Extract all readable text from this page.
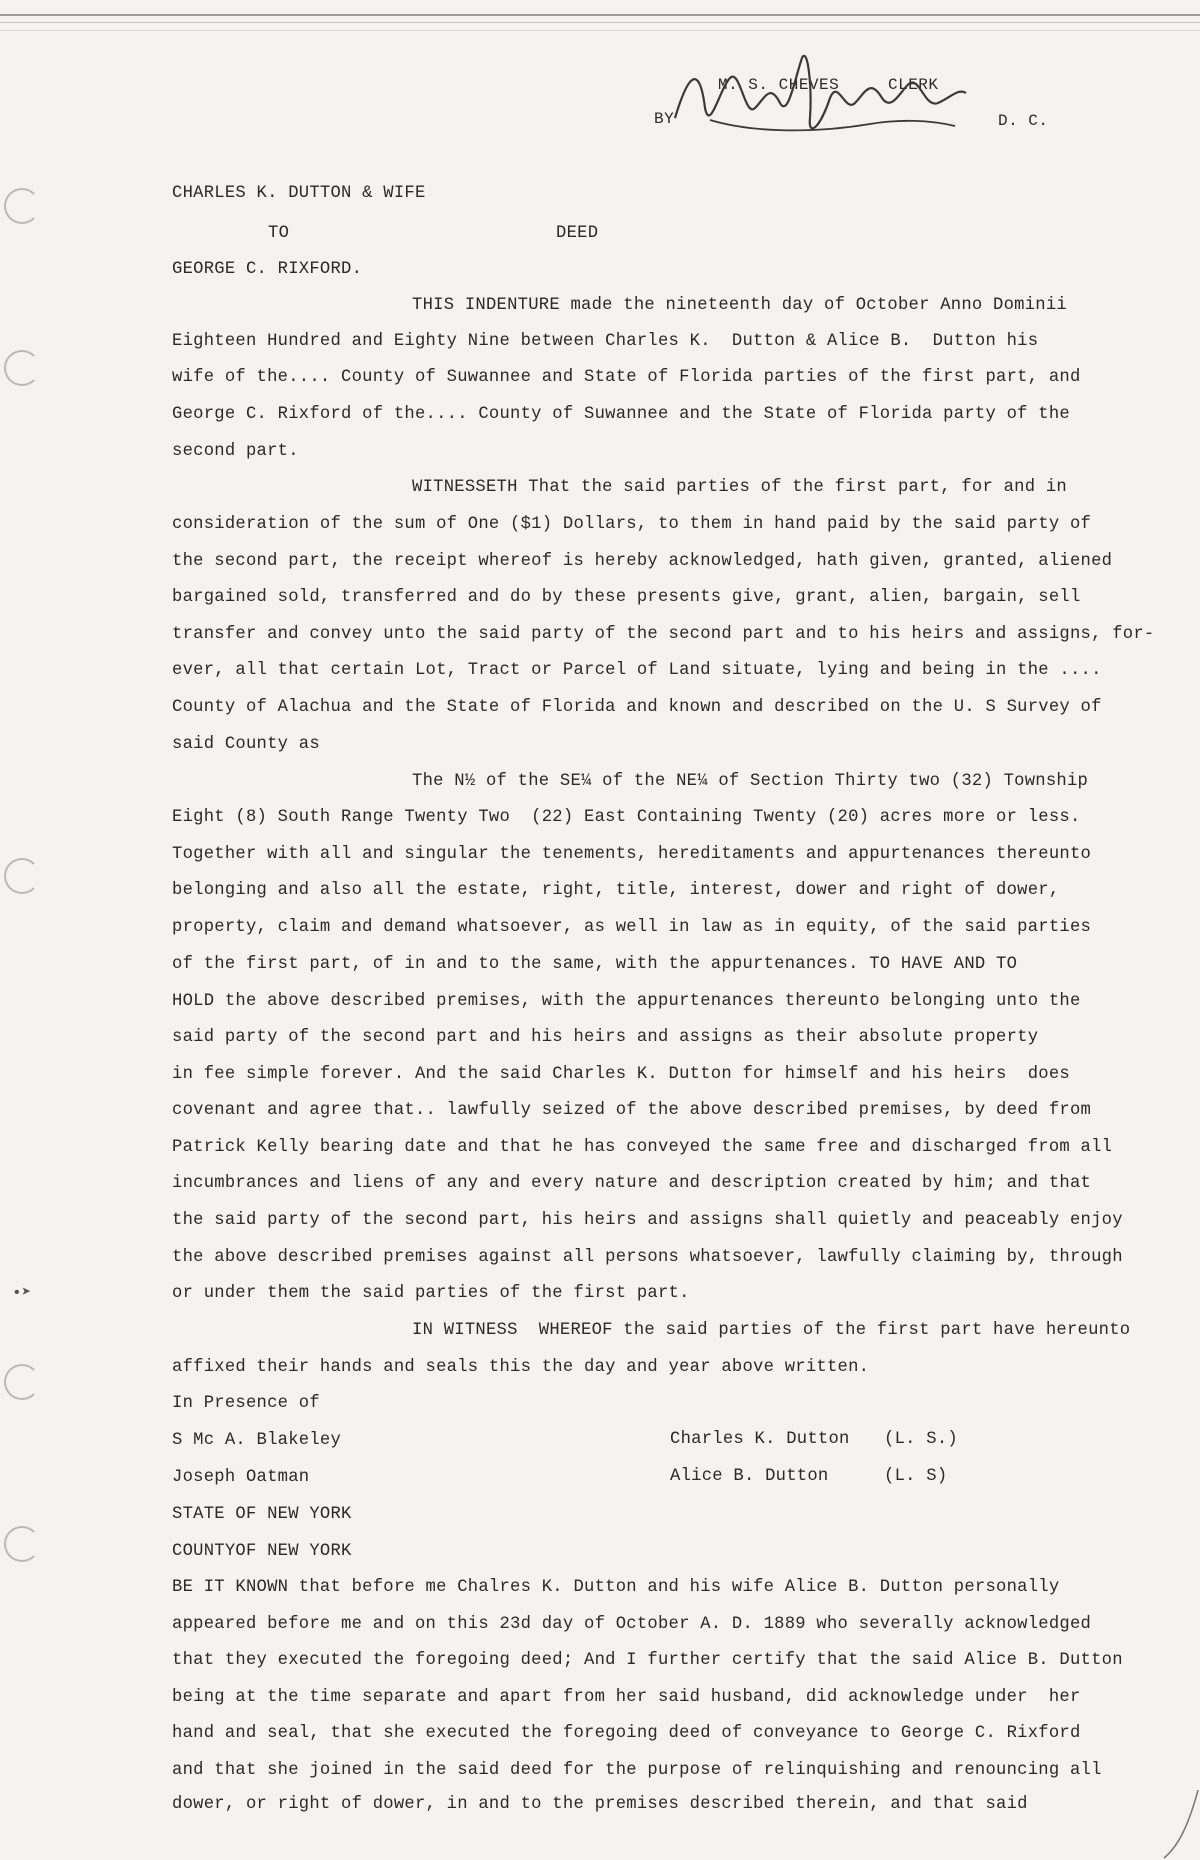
•➤
M. S. CHEVES	CLERK
BY	D. C.
CHARLES K. DUTTON & WIFE
TO	DEED
GEORGE C. RIXFORD.
THIS INDENTURE made the nineteenth day of October Anno Dominii
Eighteen Hundred and Eighty Nine between Charles K.  Dutton & Alice B.  Dutton his
wife of the.... County of Suwannee and State of Florida parties of the first part, and
George C. Rixford of the.... County of Suwannee and the State of Florida party of the
second part.
WITNESSETH That the said parties of the first part, for and in
consideration of the sum of One ($1) Dollars, to them in hand paid by the said party of
the second part, the receipt whereof is hereby acknowledged, hath given, granted, aliened
bargained sold, transferred and do by these presents give, grant, alien, bargain, sell
transfer and convey unto the said party of the second part and to his heirs and assigns, for-
ever, all that certain Lot, Tract or Parcel of Land situate, lying and being in the ....
County of Alachua and the State of Florida and known and described on the U. S Survey of
said County as
The N½ of the SE¼ of the NE¼ of Section Thirty two (32) Township
Eight (8) South Range Twenty Two  (22) East Containing Twenty (20) acres more or less.
Together with all and singular the tenements, hereditaments and appurtenances thereunto
belonging and also all the estate, right, title, interest, dower and right of dower,
property, claim and demand whatsoever, as well in law as in equity, of the said parties
of the first part, of in and to the same, with the appurtenances. TO HAVE AND TO
HOLD the above described premises, with the appurtenances thereunto belonging unto the
said party of the second part and his heirs and assigns as their absolute property
in fee simple forever. And the said Charles K. Dutton for himself and his heirs  does
covenant and agree that.. lawfully seized of the above described premises, by deed from
Patrick Kelly bearing date and that he has conveyed the same free and discharged from all
incumbrances and liens of any and every nature and description created by him; and that
the said party of the second part, his heirs and assigns shall quietly and peaceably enjoy
the above described premises against all persons whatsoever, lawfully claiming by, through
or under them the said parties of the first part.
IN WITNESS  WHEREOF the said parties of the first part have hereunto
affixed their hands and seals this the day and year above written.
In Presence of
S Mc A. Blakeley
Joseph Oatman
Charles K. Dutton (L. S.)
Alice B. Dutton	(L. S)
STATE OF NEW YORK
COUNTYOF NEW YORK
BE IT KNOWN that before me Chalres K. Dutton and his wife Alice B. Dutton personally
appeared before me and on this 23d day of October A. D. 1889 who severally acknowledged
that they executed the foregoing deed; And I further certify that the said Alice B. Dutton
being at the time separate and apart from her said husband, did acknowledge under  her
hand and seal, that she executed the foregoing deed of conveyance to George C. Rixford
and that she joined in the said deed for the purpose of relinquishing and renouncing all
dower, or right of dower, in and to the premises described therein, and that said
